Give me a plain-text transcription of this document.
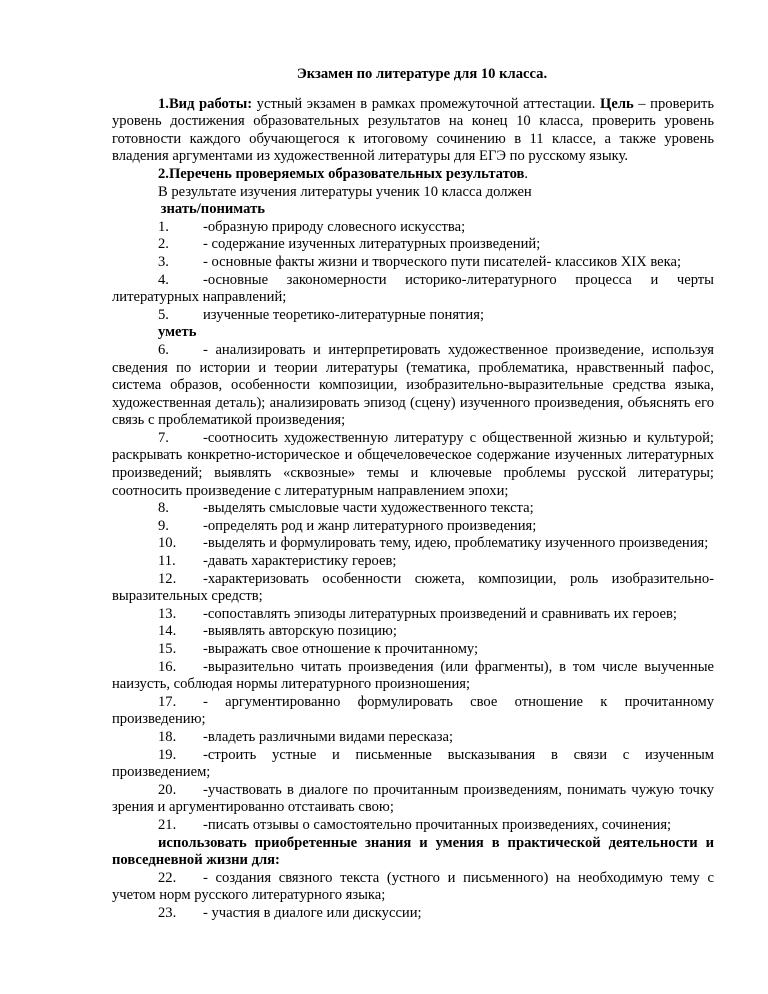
Экзамен по литературе для 10 класса.

1.Вид работы: устный экзамен в рамках промежуточной аттестации. Цель – проверить уровень достижения образовательных результатов на конец 10 класса, проверить уровень готовности каждого обучающегося к итоговому сочинению в 11 классе, а также уровень владения аргументами из художественной литературы для ЕГЭ по русскому языку.

2.Перечень проверяемых образовательных результатов.

В результате изучения литературы ученик 10 класса должен

знать/понимать

1. -образную природу словесного искусства;

2. - содержание изученных литературных произведений;

3. - основные факты жизни и творческого пути писателей- классиков XIX века;

4. -основные закономерности историко-литературного процесса и черты литературных направлений;

5. изученные теоретико-литературные понятия;

уметь

6. - анализировать и интерпретировать художественное произведение, используя сведения по истории и теории литературы (тематика, проблематика, нравственный пафос, система образов, особенности композиции, изобразительно-выразительные средства языка, художественная деталь); анализировать эпизод (сцену) изученного произведения, объяснять его связь с проблематикой произведения;

7. -соотносить художественную литературу с общественной жизнью и культурой; раскрывать конкретно-историческое и общечеловеческое содержание изученных литературных произведений; выявлять «сквозные» темы и ключевые проблемы русской литературы; соотносить произведение с литературным направлением эпохи;

8. -выделять смысловые части художественного текста;

9. -определять род и жанр литературного произведения;

10. -выделять и формулировать тему, идею, проблематику изученного произведения;

11. -давать характеристику героев;

12. -характеризовать особенности сюжета, композиции, роль изобразительно-выразительных средств;

13. -сопоставлять эпизоды литературных произведений и сравнивать их героев;

14. -выявлять авторскую позицию;

15. -выражать свое отношение к прочитанному;

16. -выразительно читать произведения (или фрагменты), в том числе выученные наизусть, соблюдая нормы литературного произношения;

17. - аргументированно формулировать свое отношение к прочитанному произведению;

18. -владеть различными видами пересказа;

19. -строить устные и письменные высказывания в связи с изученным произведением;

20. -участвовать в диалоге по прочитанным произведениям, понимать чужую точку зрения и аргументированно отстаивать свою;

21. -писать отзывы о самостоятельно прочитанных произведениях, сочинения;

использовать приобретенные знания и умения в практической деятельности и повседневной жизни для:

22. - создания связного текста (устного и письменного) на необходимую тему с учетом норм русского литературного языка;

23. - участия в диалоге или дискуссии;
